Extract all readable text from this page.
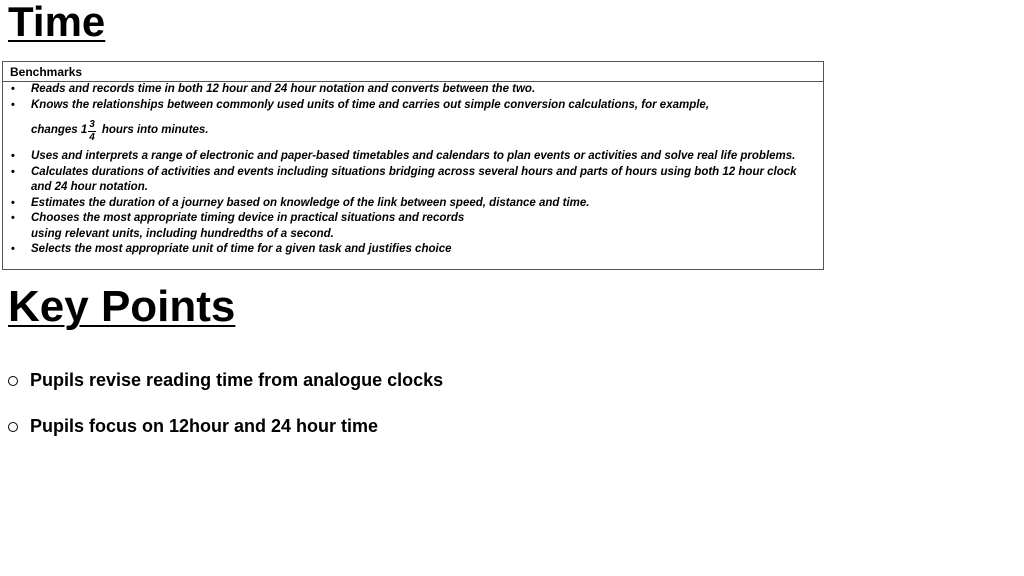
Time
Benchmarks
• Reads and records time in both 12 hour and 24 hour notation and converts between the two.
• Knows the relationships between commonly used units of time and carries out simple conversion calculations, for example,
changes $1 \frac{3}{4}$ hours into minutes.
• Uses and interprets a range of electronic and paper-based timetables and calendars to plan events or activities and solve real life problems.
• Calculates durations of activities and events including situations bridging across several hours and parts of hours using both 12 hour clock and 24 hour notation.
• Estimates the duration of a journey based on knowledge of the link between speed, distance and time.
• Chooses the most appropriate timing device in practical situations and records
using relevant units, including hundredths of a second.
• Selects the most appropriate unit of time for a given task and justifies choice
Key Points
Pupils revise reading time from analogue clocks
Pupils focus on 12hour and 24 hour time
